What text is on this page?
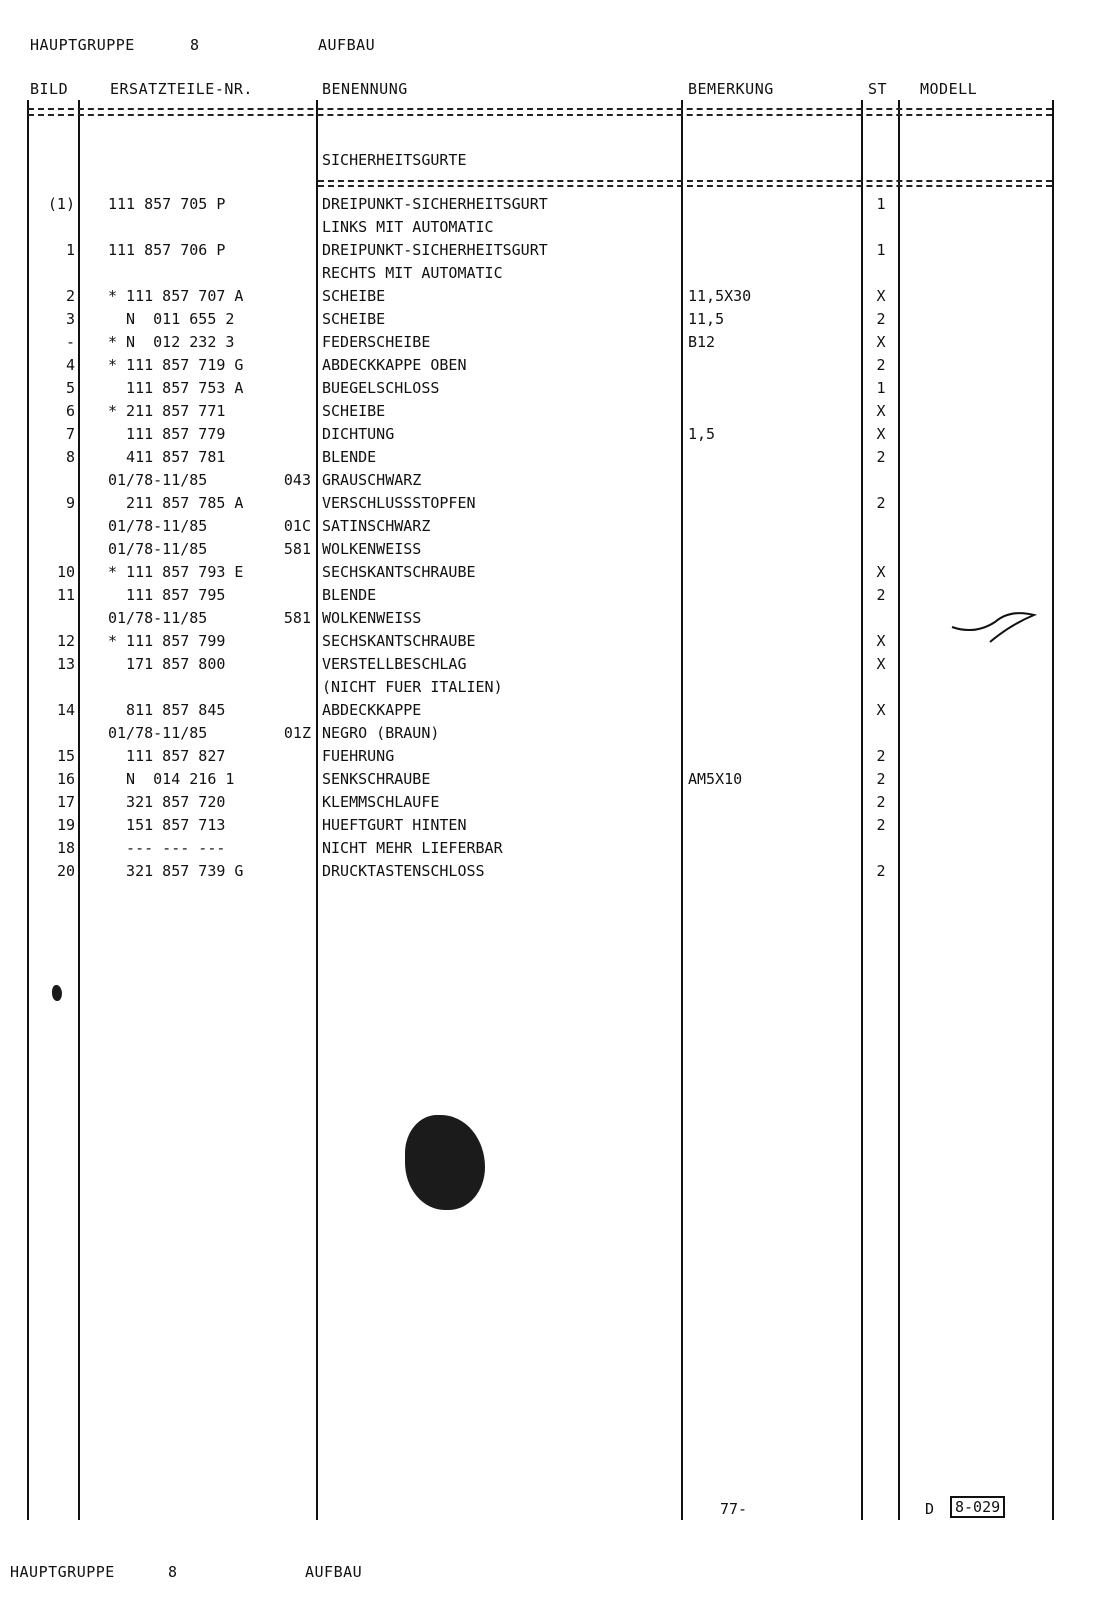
HAUPTGRUPPE	8	AUFBAU
BILD	ERSATZTEILE-NR.	BENENNUNG	BEMERKUNG	ST MODELL
SICHERHEITSGURTE
(1) 111 857 705 P	DREIPUNKT-SICHERHEITSGURT	1
LINKS MIT AUTOMATIC
1 111 857 706 P	DREIPUNKT-SICHERHEITSGURT	1
RECHTS MIT AUTOMATIC
2 * 111 857 707 A	SCHEIBE	11,5X30	X
3 N  011 655 2	SCHEIBE	11,5	2
- * N  012 232 3	FEDERSCHEIBE	B12	X
4 * 111 857 719 G	ABDECKKAPPE OBEN	2
5 111 857 753 A	BUEGELSCHLOSS	1
6 * 211 857 771	SCHEIBE	X
7 111 857 779	DICHTUNG	1,5	X
8 411 857 781	BLENDE	2
01/78-11/85	043 GRAUSCHWARZ
9 211 857 785 A	VERSCHLUSSSTOPFEN	2
01/78-11/85	01C SATINSCHWARZ
01/78-11/85	581 WOLKENWEISS
10 * 111 857 793 E	SECHSKANTSCHRAUBE	X
11 111 857 795	BLENDE	2
01/78-11/85	581 WOLKENWEISS
12 * 111 857 799	SECHSKANTSCHRAUBE	X
13 171 857 800	VERSTELLBESCHLAG	X
(NICHT FUER ITALIEN)
14 811 857 845	ABDECKKAPPE	X
01/78-11/85	01Z NEGRO (BRAUN)
15 111 857 827	FUEHRUNG	2
16 N  014 216 1	SENKSCHRAUBE	AM5X10	2
17 321 857 720	KLEMMSCHLAUFE	2
19 151 857 713	HUEFTGURT HINTEN	2
18 --- --- ---	NICHT MEHR LIEFERBAR
20 321 857 739 G	DRUCKTASTENSCHLOSS	2
77-	D	8-029
HAUPTGRUPPE	8	AUFBAU
